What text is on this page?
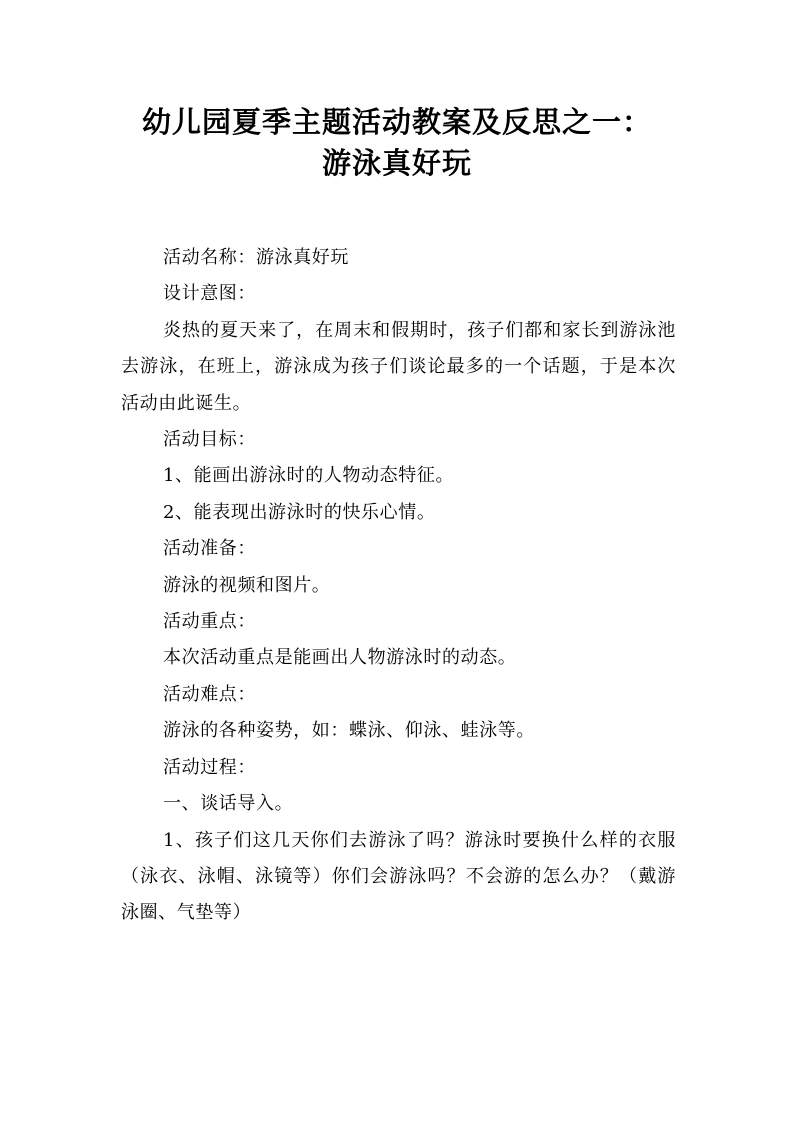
幼儿园夏季主题活动教案及反思之一：
游泳真好玩

活动名称：游泳真好玩

设计意图：

炎热的夏天来了，在周末和假期时，孩子们都和家长到游泳池去游泳，在班上，游泳成为孩子们谈论最多的一个话题，于是本次活动由此诞生。

活动目标：

1、能画出游泳时的人物动态特征。

2、能表现出游泳时的快乐心情。

活动准备：

游泳的视频和图片。

活动重点：

本次活动重点是能画出人物游泳时的动态。

活动难点：

游泳的各种姿势，如：蝶泳、仰泳、蛙泳等。

活动过程：

一、谈话导入。

1、孩子们这几天你们去游泳了吗？游泳时要换什么样的衣服（泳衣、泳帽、泳镜等）你们会游泳吗？不会游的怎么办？（戴游泳圈、气垫等）
